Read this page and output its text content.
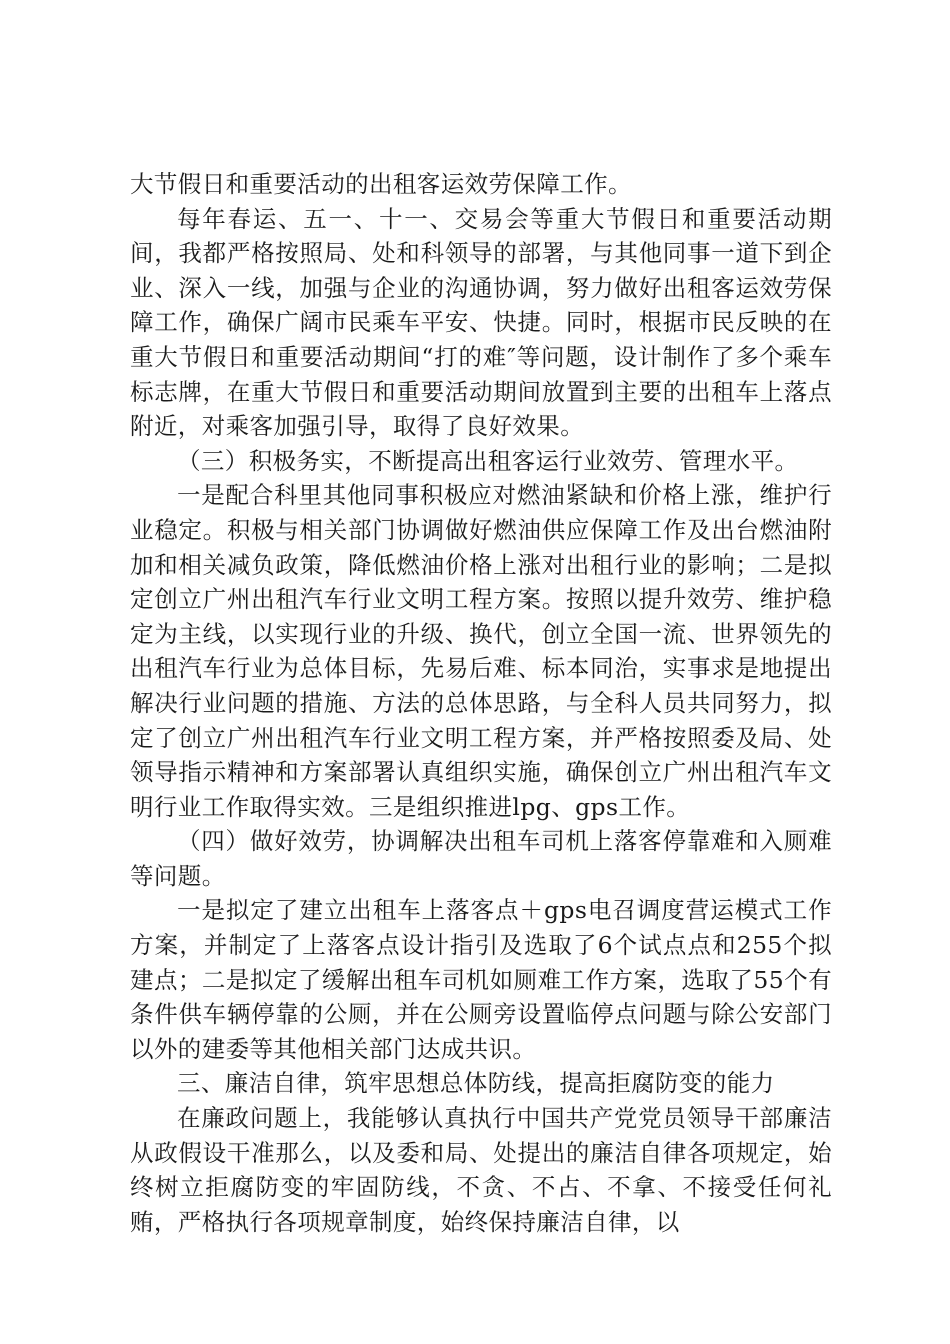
大节假日和重要活动的出租客运效劳保障工作。

每年春运、五一、十一、交易会等重大节假日和重要活动期间，我都严格按照局、处和科领导的部署，与其他同事一道下到企业、深入一线，加强与企业的沟通协调，努力做好出租客运效劳保障工作，确保广阔市民乘车平安、快捷。同时，根据市民反映的在重大节假日和重要活动期间“打的难″等问题，设计制作了多个乘车标志牌，在重大节假日和重要活动期间放置到主要的出租车上落点附近，对乘客加强引导，取得了良好效果。

（三）积极务实，不断提高出租客运行业效劳、管理水平。

一是配合科里其他同事积极应对燃油紧缺和价格上涨，维护行业稳定。积极与相关部门协调做好燃油供应保障工作及出台燃油附加和相关减负政策，降低燃油价格上涨对出租行业的影响；二是拟定创立广州出租汽车行业文明工程方案。按照以提升效劳、维护稳定为主线，以实现行业的升级、换代，创立全国一流、世界领先的出租汽车行业为总体目标，先易后难、标本同治，实事求是地提出解决行业问题的措施、方法的总体思路，与全科人员共同努力，拟定了创立广州出租汽车行业文明工程方案，并严格按照委及局、处领导指示精神和方案部署认真组织实施，确保创立广州出租汽车文明行业工作取得实效。三是组织推进lpg、gps工作。

（四）做好效劳，协调解决出租车司机上落客停靠难和入厕难等问题。

一是拟定了建立出租车上落客点＋gps电召调度营运模式工作方案，并制定了上落客点设计指引及选取了6个试点点和255个拟建点；二是拟定了缓解出租车司机如厕难工作方案，选取了55个有条件供车辆停靠的公厕，并在公厕旁设置临停点问题与除公安部门以外的建委等其他相关部门达成共识。

三、廉洁自律，筑牢思想总体防线，提高拒腐防变的能力

在廉政问题上，我能够认真执行中国共产党党员领导干部廉洁从政假设干准那么，以及委和局、处提出的廉洁自律各项规定，始终树立拒腐防变的牢固防线，不贪、不占、不拿、不接受任何礼贿，严格执行各项规章制度，始终保持廉洁自律，以
